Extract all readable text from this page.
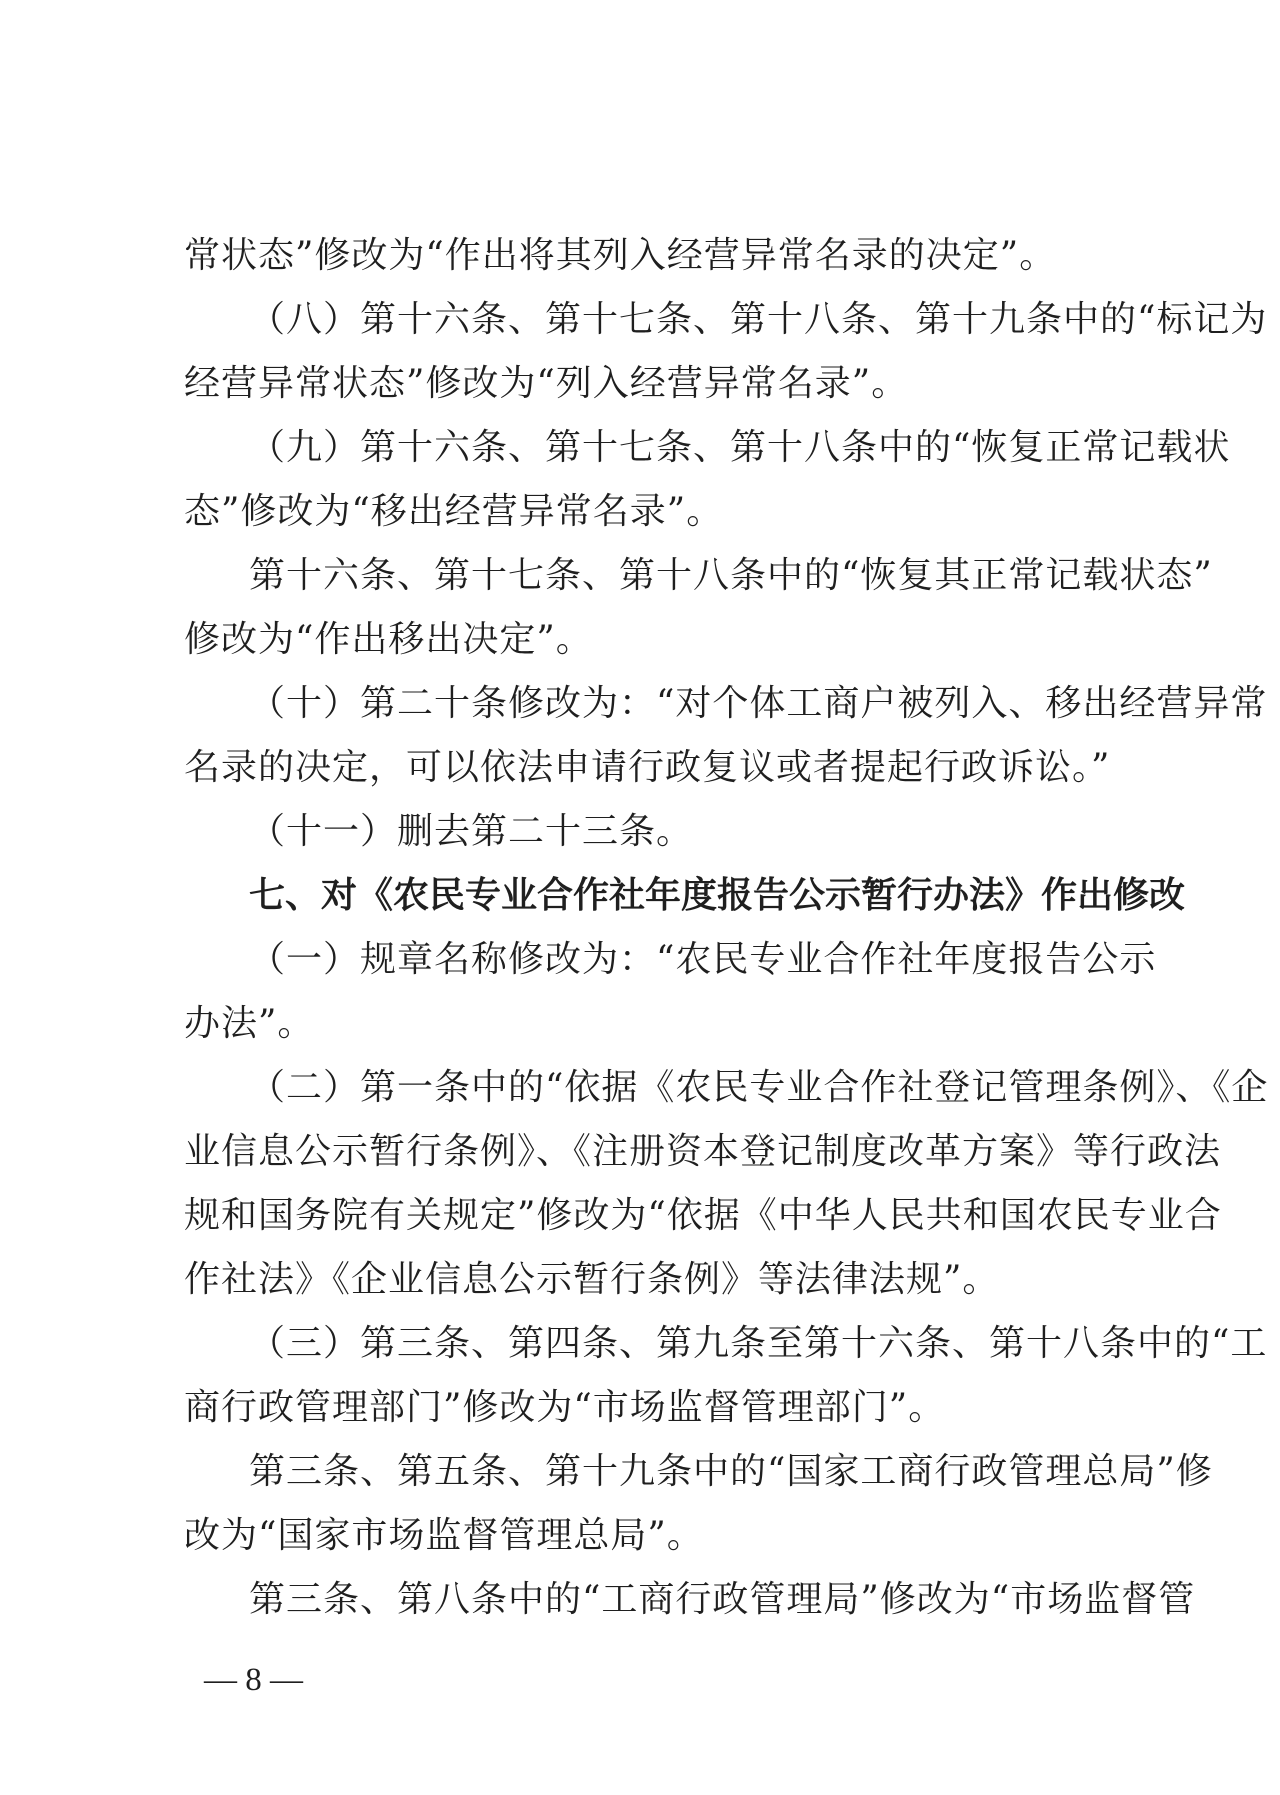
常状态”修改为“作出将其列入经营异常名录的决定”。
（八）第十六条、第十七条、第十八条、第十九条中的“标记为
经营异常状态”修改为“列入经营异常名录”。
（九）第十六条、第十七条、第十八条中的“恢复正常记载状
态”修改为“移出经营异常名录”。
第十六条、第十七条、第十八条中的“恢复其正常记载状态”
修改为“作出移出决定”。
（十）第二十条修改为：“对个体工商户被列入、移出经营异常
名录的决定，可以依法申请行政复议或者提起行政诉讼。”
（十一）删去第二十三条。
七、对《农民专业合作社年度报告公示暂行办法》作出修改
（一）规章名称修改为：“农民专业合作社年度报告公示
办法”。
（二）第一条中的“依据《农民专业合作社登记管理条例》、《企
业信息公示暂行条例》、《注册资本登记制度改革方案》等行政法
规和国务院有关规定”修改为“依据《中华人民共和国农民专业合
作社法》《企业信息公示暂行条例》等法律法规”。
（三）第三条、第四条、第九条至第十六条、第十八条中的“工
商行政管理部门”修改为“市场监督管理部门”。
第三条、第五条、第十九条中的“国家工商行政管理总局”修
改为“国家市场监督管理总局”。
第三条、第八条中的“工商行政管理局”修改为“市场监督管
— 8 —
